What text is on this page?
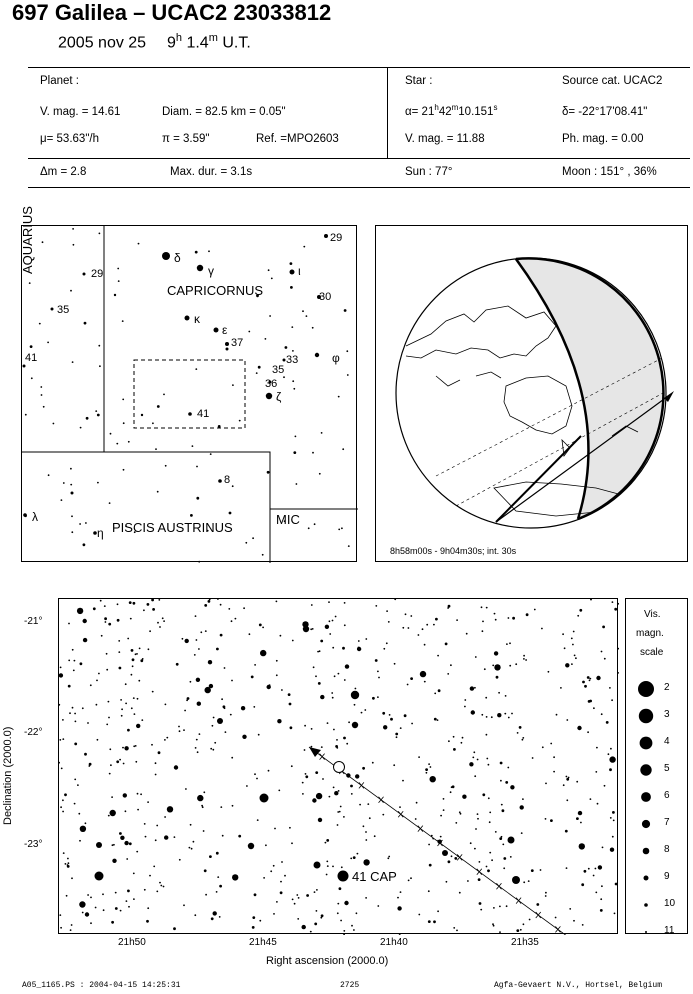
697 Galilea – UCAC2 23033812
2005 nov 25 9$^h$ 1.4$^m$ U.T.
Planet :
V. mag. = 14.61	Diam. = 82.5 km = 0.05"
μ= 53.63"/h	π = 3.59"	Ref. =MPO2603
Star :	Source cat. UCAC2
$\alpha= 21^h42^m10.151^s$	δ= -22°17'08.41"
V. mag. = 11.88	Ph. mag. = 0.00
Δm = 2.8	Max. dur. = 3.1s	Sun : 77°	Moon : 151° , 36%
AQUARIUS
CAPRICORNUS
PISCIS AUSTRINUS
MIC
29
δ
γ	ι
29
30
35
κ
ε
37
41	33	φ
35
36
ζ
41
8
λ
η
8h58m00s - 9h04m30s; int. 30s
41 CAP
-21°
-22°
-23°
21h50	21h45	21h40	21h35
Right ascension (2000.0)
Declination (2000.0)
Vis.
magn.
scale
2
3
4
5
6
7
8
9
10
11
A05_1165.PS : 2004-04-15 14:25:31	2725	Agfa-Gevaert N.V., Hortsel, Belgium
